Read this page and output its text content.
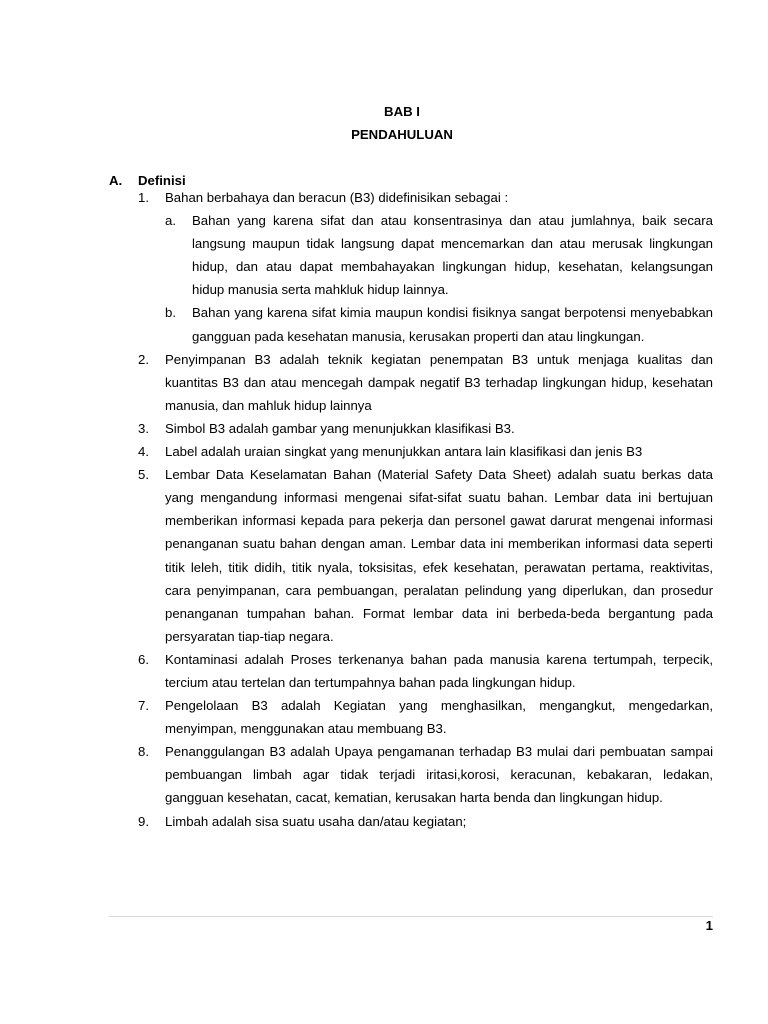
BAB I
PENDAHULUAN
A. Definisi
1.	Bahan berbahaya dan beracun (B3) didefinisikan sebagai :
a.	Bahan yang karena sifat dan atau konsentrasinya dan atau jumlahnya, baik secara langsung maupun tidak langsung dapat mencemarkan dan atau merusak lingkungan hidup, dan atau dapat membahayakan lingkungan hidup, kesehatan, kelangsungan hidup manusia serta mahkluk hidup lainnya.
b.	Bahan yang karena sifat kimia maupun kondisi fisiknya sangat berpotensi menyebabkan gangguan pada kesehatan manusia, kerusakan properti dan atau lingkungan.
2.	Penyimpanan B3 adalah teknik kegiatan penempatan B3 untuk menjaga kualitas dan kuantitas B3 dan atau mencegah dampak negatif B3 terhadap lingkungan hidup, kesehatan manusia, dan mahluk hidup lainnya
3.	Simbol B3 adalah gambar yang menunjukkan klasifikasi B3.
4.	Label adalah uraian singkat yang menunjukkan antara lain klasifikasi dan jenis B3
5.	Lembar Data Keselamatan Bahan (Material Safety Data Sheet) adalah suatu berkas data yang mengandung informasi mengenai sifat-sifat suatu bahan. Lembar data ini bertujuan memberikan informasi kepada para pekerja dan personel gawat darurat mengenai informasi penanganan suatu bahan dengan aman. Lembar data ini memberikan informasi data seperti titik leleh, titik didih, titik nyala, toksisitas, efek kesehatan, perawatan pertama, reaktivitas, cara penyimpanan, cara pembuangan, peralatan pelindung yang diperlukan, dan prosedur penanganan tumpahan bahan. Format lembar data ini berbeda-beda bergantung pada persyaratan tiap-tiap negara.
6.	Kontaminasi adalah Proses terkenanya bahan pada manusia karena tertumpah, terpecik, tercium atau tertelan dan tertumpahnya bahan pada lingkungan hidup.
7.	Pengelolaan B3 adalah Kegiatan yang menghasilkan, mengangkut, mengedarkan, menyimpan, menggunakan atau membuang B3.
8.	Penanggulangan B3 adalah Upaya pengamanan terhadap B3 mulai dari pembuatan sampai pembuangan limbah agar tidak terjadi iritasi,korosi, keracunan, kebakaran, ledakan, gangguan kesehatan, cacat, kematian, kerusakan harta benda dan lingkungan hidup.
9.	Limbah adalah sisa suatu usaha dan/atau kegiatan;
1
